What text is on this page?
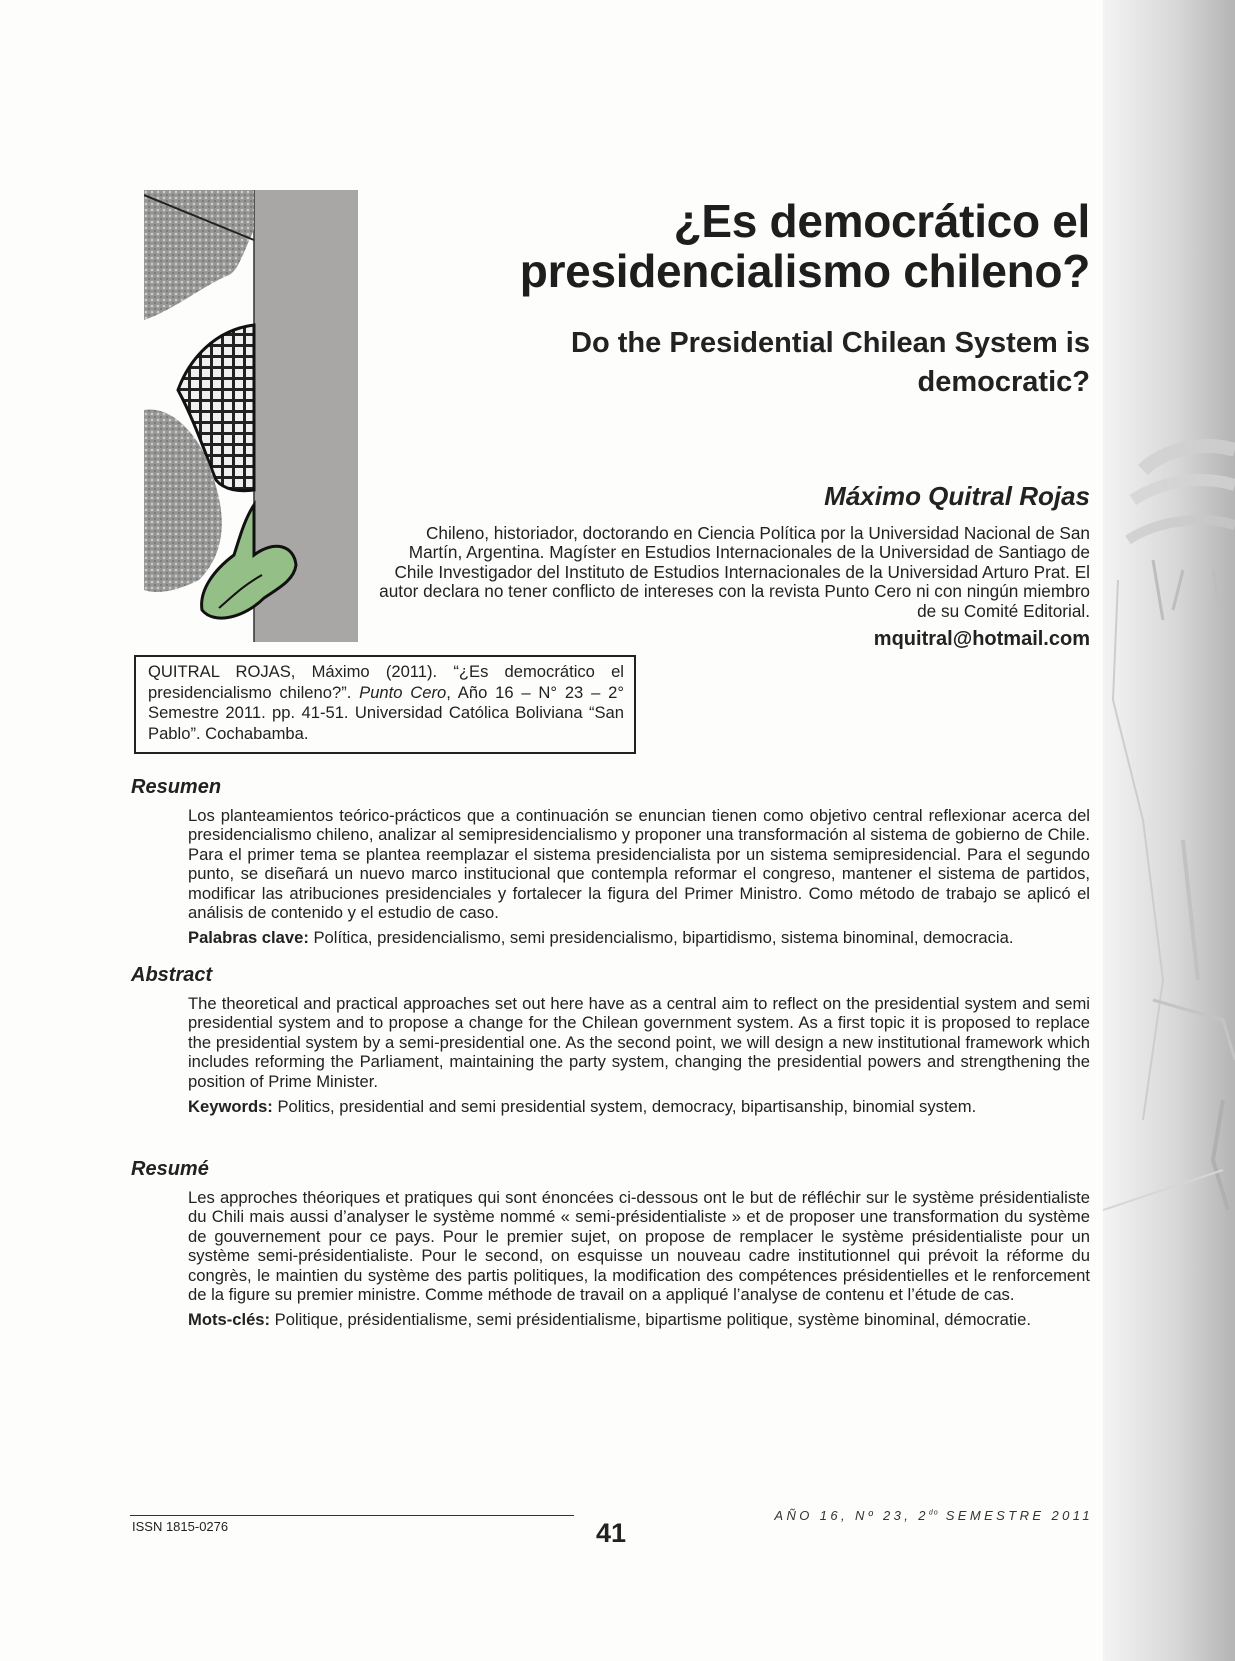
¿Es democrático el
presidencialismo chileno?
Do the Presidential Chilean System is
democratic?
Máximo Quitral Rojas
Chileno, historiador, doctorando en Ciencia Política por la Universidad Nacional de San Martín, Argentina. Magíster en Estudios Internacionales de la Universidad de Santiago de Chile Investigador del Instituto de Estudios Internacionales de la Universidad Arturo Prat. El autor declara no tener conflicto de intereses con la revista Punto Cero ni con ningún miembro de su Comité Editorial.
mquitral@hotmail.com
QUITRAL ROJAS, Máximo (2011). “¿Es democrático el presidencialismo chileno?”. Punto Cero, Año 16 – N° 23 – 2° Semestre 2011. pp. 41-51. Universidad Católica Boliviana “San Pablo”. Cochabamba.
Resumen
Los planteamientos teórico-prácticos que a continuación se enuncian tienen como objetivo central reflexionar acerca del presidencialismo chileno, analizar al semipresidencialismo y proponer una transformación al sistema de gobierno de Chile. Para el primer tema se plantea reemplazar el sistema presidencialista por un sistema semipresidencial. Para el segundo punto, se diseñará un nuevo marco institucional que contempla reformar el congreso, mantener el sistema de partidos, modificar las atribuciones presidenciales y fortalecer la figura del Primer Ministro. Como método de trabajo se aplicó el análisis de contenido y el estudio de caso.
Palabras clave: Política, presidencialismo, semi presidencialismo, bipartidismo, sistema binominal, democracia.
Abstract
The theoretical and practical approaches set out here have as a central aim to reflect on the presidential system and semi presidential system and to propose a change for the Chilean government system. As a first topic it is proposed to replace the presidential system by a semi-presidential one. As the second point, we will design a new institutional framework which includes reforming the Parliament, maintaining the party system, changing the presidential powers and strengthening the position of Prime Minister.
Keywords: Politics, presidential and semi presidential system, democracy, bipartisanship, binomial system.
Resumé
Les approches théoriques et pratiques qui sont énoncées ci-dessous ont le but de réfléchir sur le système présidentialiste du Chili mais aussi d’analyser le système nommé « semi-présidentialiste » et de proposer une transformation du système de gouvernement pour ce pays. Pour le premier sujet, on propose de remplacer le système présidentialiste pour un système semi-présidentialiste. Pour le second, on esquisse un nouveau cadre institutionnel qui prévoit la réforme du congrès, le maintien du système des partis politiques, la modification des compétences présidentielles et le renforcement de la figure su premier ministre. Comme méthode de travail on a appliqué l’analyse de contenu et l’étude de cas.
Mots-clés: Politique, présidentialisme, semi présidentialisme, bipartisme politique, système binominal, démocratie.
ISSN 1815-0276	41
AÑO 16, Nº 23, $2^{do}$ SEMESTRE 2011
